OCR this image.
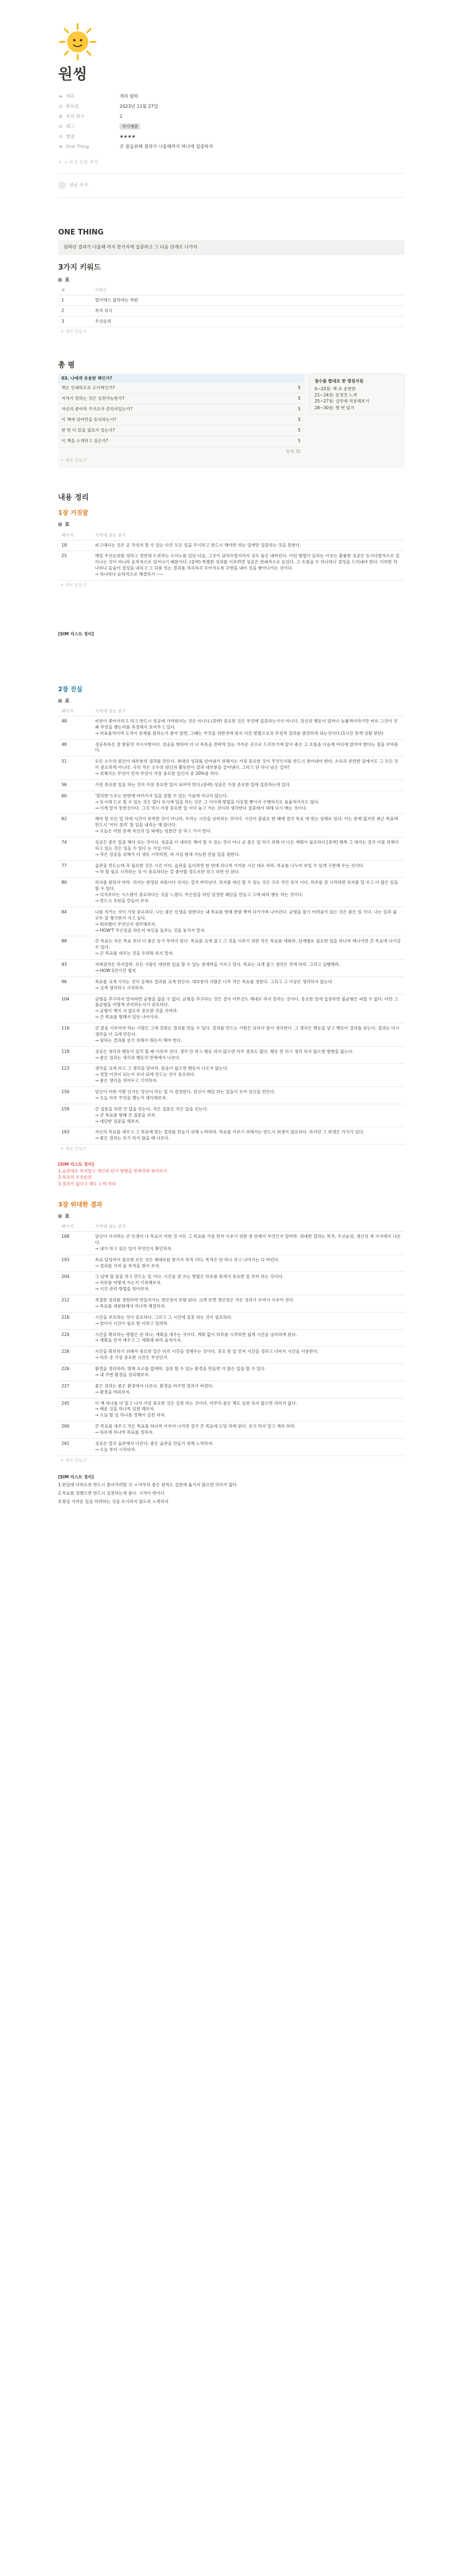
원씽
≡ 제목	계의 멈하
◷ 완독일	2023년 11월 27일
# 목차 횟수	2
⊙ 태그	자기계발
⊙ 별점	★★★★
≡ One Thing	큰 꿈을위해 결과가 나올때까지 하나에 집중하자
+ + 속성 신설 추가
댓글 추가
ONE THING
원하던 결과가 나올때 까지 한가지에 집중하고 그 다음 단계로 나가자
3가지 키워드
⊞ 표
#	키워드
1	열이에스 잡하라는 착한
2	목적 의식
3	우선순위
+ 새로 만들기
총 평
03. 나에게 유용한 책인가?
책은 인쇄하도로 도이력인가?	5
저자가 말하는 것은 실천가능한가?	5
자신의 좋아하 주가요가 증하지있는가?	5
이 책에 엄어만을 동의하는가?	5
한 번 더 읽을 필요가 있는가?	5
이 책을 소개하고 싶은가?	5
합계 30
+ 새로 만들기
점수를 합대로 한 평점지침
0~20점: 책 초 운반한
21~24점: 운영진 느껴
25~27점: 실무에 적용해보기
28~30점: 향 번 읽기
내용 정리
1장 거짓말
⊞ 표
페이지	기억에 남는 문구
18	피고대디는 것은 곧 작성자 할 수 있는 다른 모든 일을 무시하고 반드시 해야만 하는 일에만 집중하는 것을 뜻한다.
25	매일 우선순위를 정하고 정반대 도전하는 도미노를 일단 다음, 그곳이 넘어뜨릴지까지 상도 놓은 내버린다. 이런 방법이 들하는 이유는 훌륭한 성공은 동시다발적으로 일어나는 것이 아니라 순차적으로 일어나기 때문이다. (중략) 특별한 성과를 이루려면 성공은 연쇄적으로 들었다. 그 흐름을 수 하나하나 결정을 드러내야 한다. 이러한 하나하나 들숨이 결정을 내리고 그 뒤를 잇는 결과를 차곡차곡 모아지도록 구현을 내어 것을 쌓아나가는 것이다.
→ 하나하나 순차적으로 해결하기 ~~
+ 새로 만들기
[SIM 리스트 정리]
2장 진실
⊞ 표
페이지	기억에 남는 문구
48	비록이 좋아지리고 하고 반드시 성공에 가까워지는 것은 아니다.(중략) 중요한 것은 무엇에 집중하는가가 아니다. 당신의 행동이 얼마나 능률적이라기만 바로 그것이 진짜 무엇을 했는지를 측정해서 보여주고 있다.
→ 비효율적이라 도적이 문제를 원하는가 좋아 알면, 그때는 무엇을 위한것에 맞지 다른 방법으로의 부정적 결과를 발견하게 되는것이다.(1시간 맞게 상황 판단)
48	성공목록은 잘 밤된것 지시사항이다. 성공을 향하여 더 나 목록을 전략적 있는 가까운 곳으로 드러보기에 앞서 좋은 그 흐름을 다음에 어디에 앉아야 한다는 점을 보여준다.
51	모든 소수의 원인이 대부분의 결과를 만든다. 최대의 성과를 얻어내기 위해서는 가장 중요한 것이 무엇인지를 반드시 찾아내야 한다. 소득과 관련한 일에서도 그 모든 것이 중요하게 아니다. 극히 적은 소수의 원인과 활동만이 결과 대부분을 끌어낸다. 그리고 단 하나 남은 걸까?
→ 위해서는 무엇이 먼저 무엇이 가장 중요한 일인지 중 20%를 하다.
56	가장 중요한 일을 하는 것이 가장 중요한 일이 되어야 한다.(중략) 성공은 가장 중요한 일에 집중하는데 있다.
60	'열리한'으로는 한번에 여러가지 일을 잘할 수 있는 기술에 지나지 않는다.
→ 동시에 드로 할 수 있는 것은 없다 동시에 일을 하는 것은 그 사이에 방법을 이동할 뿐이지 수행하지도 효율적이지도 않다.
→ 이게 알지 못한것이다. 그것 역시 가장 중요한 일 이다 놓고 가는 것이라 생각한다 집중에서 대해 다시 배는 것이다.
62	해야 할 모든 일 하에 시간이 부족한 것이 아니라, 우리는 시간을 낭비하는 것이다. 시간이 불필요 한 때에 결국 목표 에 맞는 상태로 있다. 이는 문제 없지만 최근 목표에 반드시 '이미 정리' 할 일을 내리는 해 앞이다.
→ 오늘은 어떤 문제 자신의 일 외에는 당분간 상 하고 가서 한다.
74	성공은 좋은 일을 해야 되는 것이다. 성공을 더 내리든 해야 할 수 있는 것이 아니 곧 좋은 일 하기 위해 더 나은 계획이 필요하다 [중략] 행복 그 대가는 결국 이를 위해서 하고 있는 것은 있을 수 있다 는 사실 이다.
→ 작은 성공을 위해서 더 생동 시작하면, 즉 사실 밤새 가능한 만큼 일을 원한다.
77	습관을 만드는데 꼭 필요한 것은 시간 이다. 습관을 들이려면 한 번에 하나씩 가까운 시간 대로 하라. 목표를 나누어 보일 수 있게 구분해 두는 것이다.
→ 막 할 필요 시작하는 것 이 중요하다는 걸 좋아할 정도로만 하고 하면 안 된다.
80	의지를 원하지 마라. 의지는 한정된 자원이다 의지는 결국 바닥난다. 의지를 대신 할 수 있는 것은 구조 적인 장치 이다. 하루를 잘 시작하면 의지를 덜 쓰고 더 많은 일을 할 수 있다.
→ 의지보다는 시스템이 중요하다는 것을 느꼈다. 무슨일을 하던 일정한 패턴을 만들고 그에 따라 행동 하는 것이다.
→ 반드시 루틴을 만들어 보자.
84	나를 지키는 것이 가장 중요하다. 나는 좋은 인생을 원한다는 내 목표를 향해 한발 짝씩 다가가며 나아간다. 균형을 잡기 어려움이 있는 것은 좋은 일 이다. 나는 일과 삶 모두 잘 챙기면서 가고 싶다.
→ 워라밸이 무엇인지 생각해보자.
→ HOW'T 무슨일을 하든지 자신을 돌보는 것을 놓치지 말자.
88	큰 목표는 작은 목표 보다 더 좋은 동기 부여가 된다. 목표를 크게 잡고 그 것을 이루기 위한 작은 목표를 세워라. 단계별로 필요한 일을 하나씩 해나가면 큰 목표에 다가갈 수 있다.
→ 큰 목표를 세우는 것을 두려워 하지 말자.
93	지레짐작은 하지말라. 모든 사람은 대단한 일을 할 수 있는 잠재력을 가지고 있다. 목표는 크게 잡고 생각은 작게 하라. 그리고 실행해라.
→ HOW 1만시간 법칙
96	목표를 크게 가지는 것이 실제로 결과를 크게 만든다. 대부분의 사람은 너무 작은 목표를 정한다. 그리고 그 이상은 생각하지 않는다.
→ 크게 생각하고 시작하자.
104	균형을 추구하지 말자라면 균형을 잡을 수 없다. 균형을 추구하는 것은 결국 아무것도 제대로 하지 못하는 것이다. 중요한 일에 집중하면 불균형은 피할 수 없다. 다만 그 불균형을 어떻게 관리하는지가 중요하다.
→ 균형이 깨지 지 않도록 중요한 것을 지켜라.
→ 큰 목표를 향해서 일단 나아가자.
116	큰 꿈을 이루어야 하는 사람은 그에 걸맞는 결과를 만들 수 있다. 결과를 만드는 사람은 남보다 앞서 생각한다. 그 생각은 행동을 낳고 행동이 결과를 낳는다. 결과는 다시 생각을 더 크게 만든다.
→ 원하는 결과를 얻기 위해서 뭐든지 해야 한다.
118	성공은 생각과 행동이 일치 할 때 이루어 진다. 생각 만 하고 행동 하지 않으면 아무 결과도 없다. 행동 만 하고 생각 하지 않으면 방향을 잃는다.
→ 좋은 결과는 생각과 행동의 반복에서 나온다.
123	생각을 크게 하고 그 생각을 믿어라. 믿음이 없으면 행동이 나오지 않는다.
→ 정말 이것이 되는지 보다 되게 만드는 것이 중요하다.
→ 좋은 생각을 적어두고 기억하자.
150	당신이 어떤 사람 인가는 당신이 하는 일 이 결정한다. 당신이 매일 하는 일들이 모여 당신을 만든다.
→ 오늘 하루 무엇을 했는가 생각해보자.
159	큰 질문을 하면 큰 답을 얻는다. 작은 질문은 작은 답을 얻는다.
→ 큰 목표를 향해 큰 질문을 하자.
→ 대단한 질문을 해보자.
163	자신의 목표를 세우고 그 목표에 맞는 결과를 만들기 위해 노력하라. 목표를 이루기 위해서는 반드시 희생이 필요하다. 하지만 그 희생은 가치가 있다.
→ 좋은 결과는 포기 하지 않을 때 나온다.
+ 새로 만들기
[SIM 리스트 정리]
1.습관대로 하지말고 개인과 단기 방향을 반복하며 찾아보기
2.목표의 우선순위
3.결과가 없다고 해도 노력 하라
3장 위대한 결과
⊞ 표
페이지	기억에 남는 문구
168	당신이 가지려는 큰 인생이 나 목표가 어떤 것 이든 그 목표를 가장 먼저 이루기 위한 첫 단계가 무엇인지 알아라. 위대한 결과는 목적, 우선순위, 생산성 세 가지에서 나온다.
→ 내가 하고 싶은 일이 무엇인지 확인하자.
193	목표 달성까지 필요한 모든 것은 제대로된 한가지 목적 이다. 목적은 단 하나 하고 나머지는 다 버린다.
→ 결과를 가져 올 목적을 찾아 보자.
204	그 날에 할 일을 하고 만드는 일 이다. 시간을 잘 쓰는 방법은 하루를 쪼개서 중요한 일 부터 하는 것이다.
→ 하루를 어떻게 쓰는지 기록해보자.
→ 시간 관리 방법을 찾아보자.
212	적절한 성과를 경험하며 만들어가는 생산성이 포함 된다. 크게 보면 생산성은 작은 성과가 모여서 이루어 진다.
→ 목표를 세분화해서 하나씩 해결하자.
216	시간을 보호하는 것이 중요하다. 그리고 그 시간에 집중 하는 것이 필요하다.
→ 알아서 시간이 필요 함 이라고 알려라.
220	시간을 확보하는 방법은 단 하나, 계획을 세우는 것이다. 계획 없이 하루를 시작하면 쉽게 시간을 낭비하게 된다.
→ 계획을 먼저 세우고 그 계획에 따라 움직이자.
226	시간을 확보하기 위해서 중요한 일은 미리 시간을 정해두는 것이다. 중요 한 일 먼저 시간을 정하고 나머지 시간을 사용한다.
→ 하루 중 가장 중요한 시간은 무엇인가.
226	환경을 정리하라. 방해 요소를 없애라. 집중 할 수 있는 환경을 만들면 더 많은 일을 할 수 있다.
→ 내 주변 환경을 정리해보자.
227	좋은 결과는 좋은 환경에서 나온다. 환경을 바꾸면 결과가 바뀐다.
→ 환경을 바꿔보자.
245	이 책 하나를 다 읽고 나서 가장 중요한 것은 실천 하는 것이다. 아무리 좋은 책도 실천 하지 않으면 의미가 없다.
→ 배운 것을 하나씩 실천 해보자.
→ 오늘 할 일 하나를 정해서 실천 하자.
260	큰 목표를 세우고 작은 목표를 하나씩 이루어 나가면 결국 큰 목표에 도달 하게 된다. 포기 하지 말고 계속 하라.
→ 하루에 하나씩 목표를 정하자.
261	성공은 결국 습관에서 나온다. 좋은 습관을 만들기 위해 노력하자.
→ 오늘 부터 시작하자.
+ 새로 만들기
[SIM 리스트 정리]
1.한일에 다하도록 반드시 몰아가려할 것 → 아무리 좋은 원칙도 실천에 옮기지 않으면 의미가 없다
2.목표를 정했으면 반드시 실천하는게 좋다. 시작이 반이다
3.항상 가까운 일을 하려하는 것을 포기하지 않도록 노력하자
